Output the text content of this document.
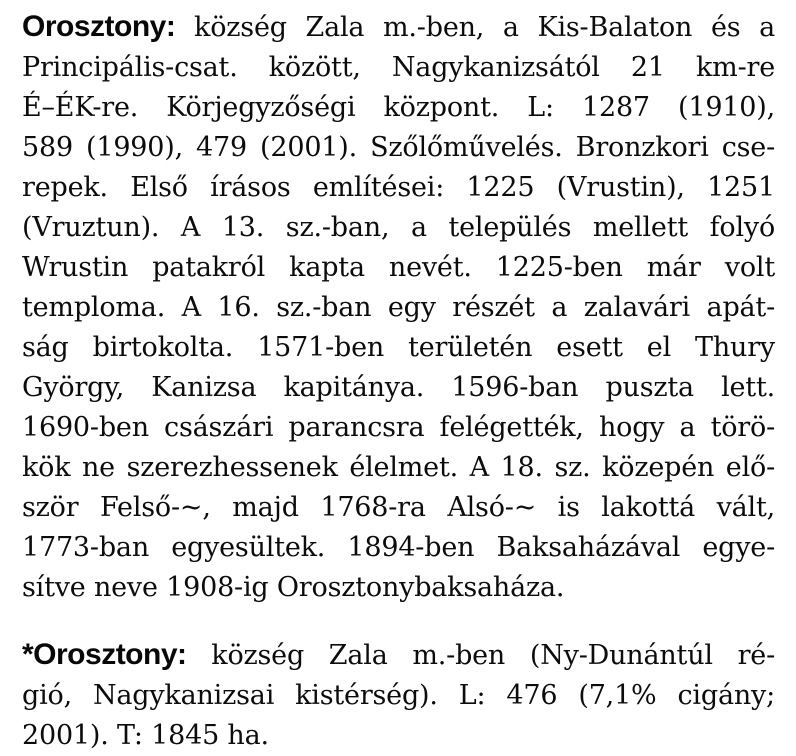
Orosztony: község Zala m.-ben, a Kis-Balaton és a
Principális-csat. között, Nagykanizsától 21 km-re
É–ÉK-re. Körjegyzőségi központ. L: 1287 (1910),
589 (1990), 479 (2001). Szőlőművelés. Bronzkori cse-
repek. Első írásos említései: 1225 (Vrustin), 1251
(Vruztun). A 13. sz.-ban, a település mellett folyó
Wrustin patakról kapta nevét. 1225-ben már volt
temploma. A 16. sz.-ban egy részét a zalavári apát-
ság birtokolta. 1571-ben területén esett el Thury
György, Kanizsa kapitánya. 1596-ban puszta lett.
1690-ben császári parancsra felégették, hogy a törö-
kök ne szerezhessenek élelmet. A 18. sz. közepén elő-
ször Felső-~, majd 1768-ra Alsó-~ is lakottá vált,
1773-ban egyesültek. 1894-ben Baksaházával egye-
sítve neve 1908-ig Orosztonybaksaháza.
*Orosztony: község Zala m.-ben (Ny-Dunántúl ré-
gió, Nagykanizsai kistérség). L: 476 (7,1% cigány;
2001). T: 1845 ha.
